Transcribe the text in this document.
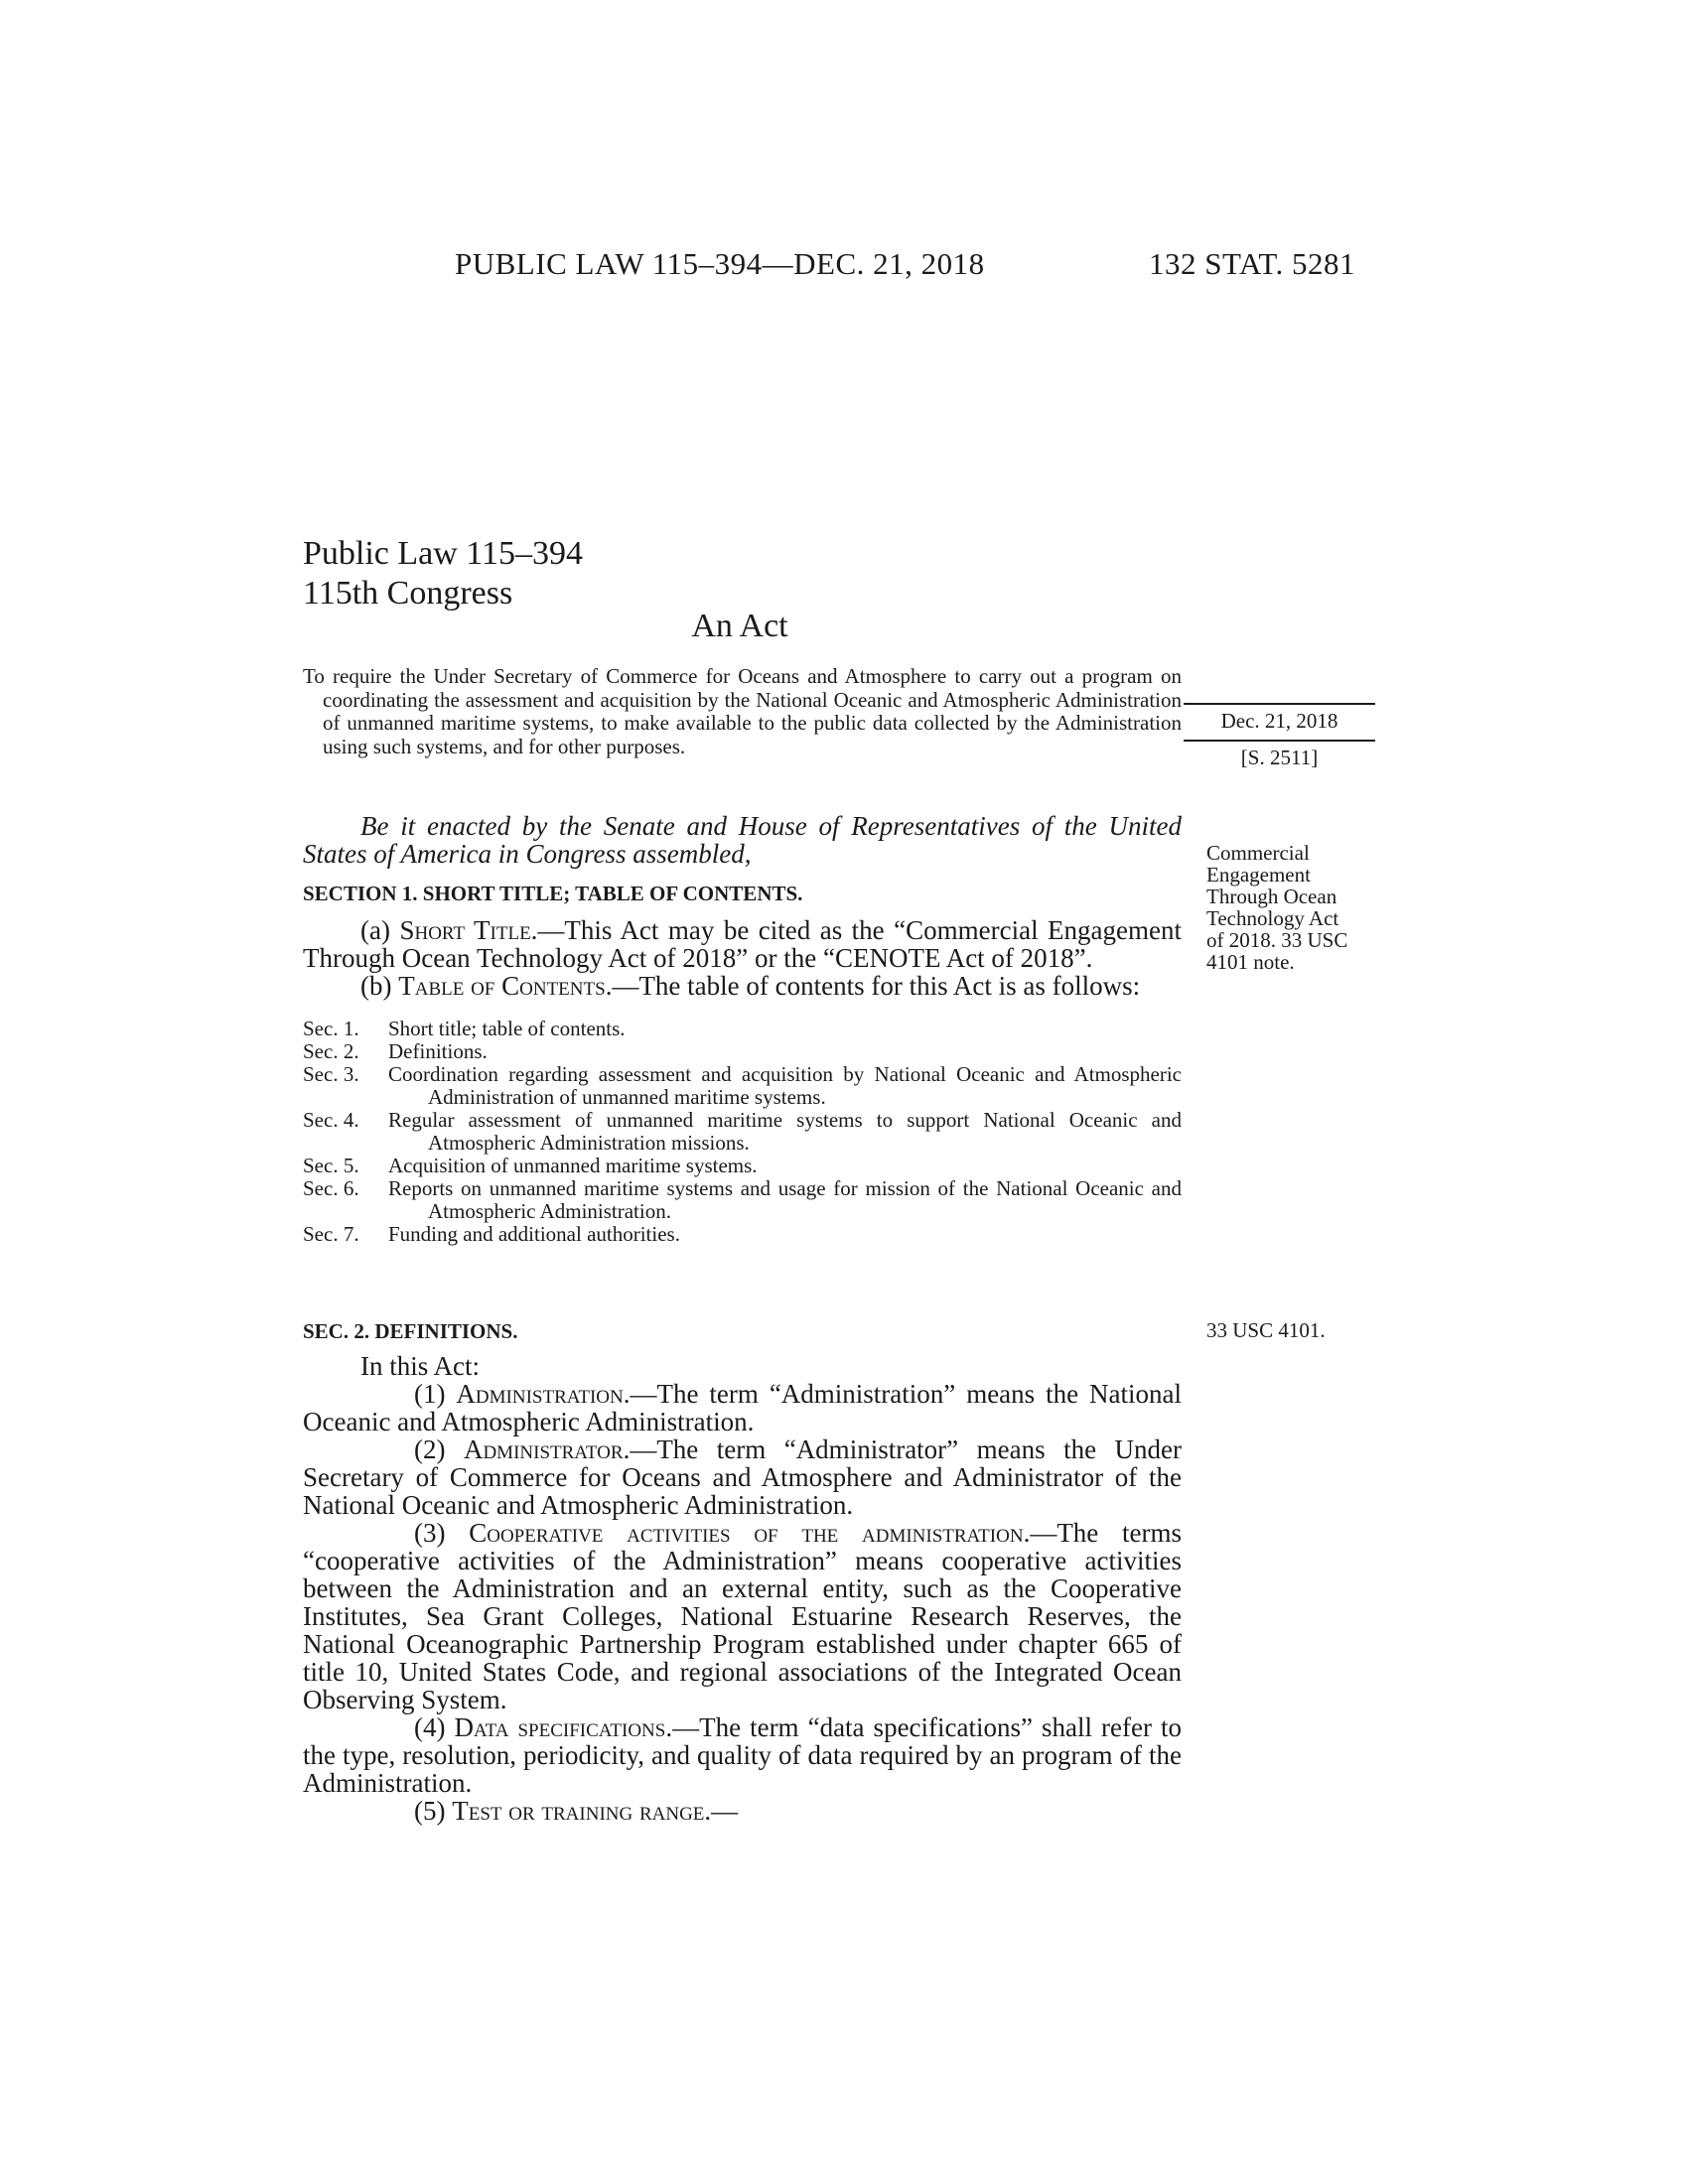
PUBLIC LAW 115–394—DEC. 21, 2018	132 STAT. 5281
Public Law 115–394
115th Congress
An Act

To require the Under Secretary of Commerce for Oceans and Atmosphere to carry out a program on coordinating the assessment and acquisition by the National Oceanic and Atmospheric Administration of unmanned maritime systems, to make available to the public data collected by the Administration using such systems, and for other purposes.

Dec. 21, 2018
[S. 2511]

Be it enacted by the Senate and House of Representatives of the United States of America in Congress assembled,

SECTION 1. SHORT TITLE; TABLE OF CONTENTS.

(a) Short Title.—This Act may be cited as the “Commercial Engagement Through Ocean Technology Act of 2018” or the “CENOTE Act of 2018”.

(b) Table of Contents.—The table of contents for this Act is as follows:

Sec. 1.	Short title; table of contents.
Sec. 2.	Definitions.
Sec. 3.	Coordination regarding assessment and acquisition by National Oceanic and Atmospheric Administration of unmanned maritime systems.
Sec. 4.	Regular assessment of unmanned maritime systems to support National Oceanic and Atmospheric Administration missions.
Sec. 5.	Acquisition of unmanned maritime systems.
Sec. 6.	Reports on unmanned maritime systems and usage for mission of the National Oceanic and Atmospheric Administration.
Sec. 7.	Funding and additional authorities.
Commercial Engagement Through Ocean Technology Act of 2018. 33 USC 4101 note.

SEC. 2. DEFINITIONS.

In this Act:

(1) Administration.—The term “Administration” means the National Oceanic and Atmospheric Administration.

(2) Administrator.—The term “Administrator” means the Under Secretary of Commerce for Oceans and Atmosphere and Administrator of the National Oceanic and Atmospheric Administration.

(3) Cooperative activities of the administration.—The terms “cooperative activities of the Administration” means cooperative activities between the Administration and an external entity, such as the Cooperative Institutes, Sea Grant Colleges, National Estuarine Research Reserves, the National Oceanographic Partnership Program established under chapter 665 of title 10, United States Code, and regional associations of the Integrated Ocean Observing System.

(4) Data specifications.—The term “data specifications” shall refer to the type, resolution, periodicity, and quality of data required by an program of the Administration.

(5) Test or training range.—

33 USC 4101.
